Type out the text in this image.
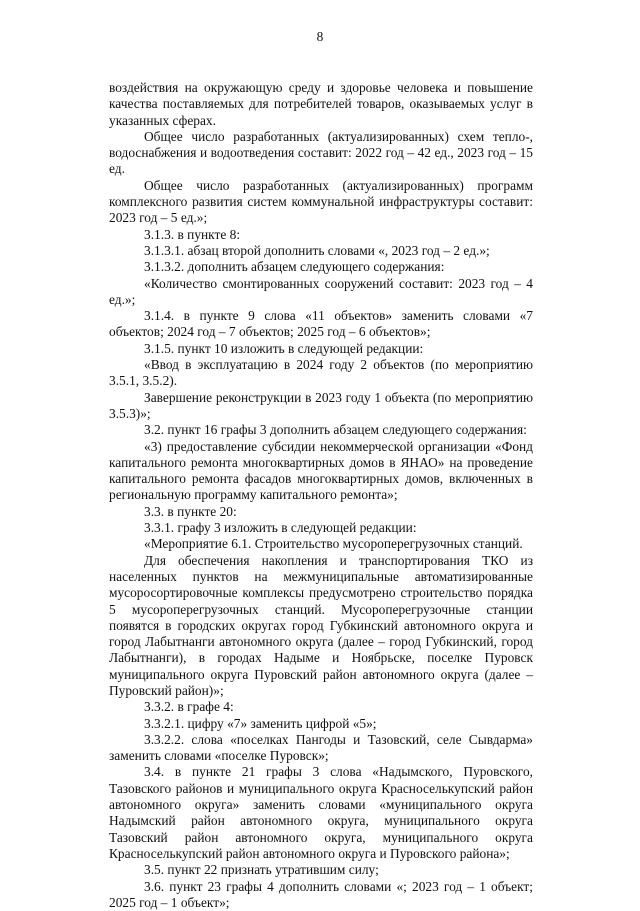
8

воздействия на окружающую среду и здоровье человека и повышение качества поставляемых для потребителей товаров, оказываемых услуг в указанных сферах.

Общее число разработанных (актуализированных) схем тепло-, водоснабжения и водоотведения составит: 2022 год – 42 ед., 2023 год – 15 ед.

Общее число разработанных (актуализированных) программ комплексного развития систем коммунальной инфраструктуры составит: 2023 год – 5 ед.»;

3.1.3. в пункте 8:

3.1.3.1. абзац второй дополнить словами «, 2023 год – 2 ед.»;

3.1.3.2. дополнить абзацем следующего содержания:

«Количество смонтированных сооружений составит: 2023 год – 4 ед.»;

3.1.4. в пункте 9 слова «11 объектов» заменить словами «7 объектов; 2024 год – 7 объектов; 2025 год – 6 объектов»;

3.1.5. пункт 10 изложить в следующей редакции:

«Ввод в эксплуатацию в 2024 году 2 объектов (по мероприятию 3.5.1, 3.5.2).

Завершение реконструкции в 2023 году 1 объекта (по мероприятию 3.5.3)»;

3.2. пункт 16 графы 3 дополнить абзацем следующего содержания:

«3) предоставление субсидии некоммерческой организации «Фонд капитального ремонта многоквартирных домов в ЯНАО» на проведение капитального ремонта фасадов многоквартирных домов, включенных в региональную программу капитального ремонта»;

3.3. в пункте 20:

3.3.1. графу 3 изложить в следующей редакции:

«Мероприятие 6.1. Строительство мусороперегрузочных станций.

Для обеспечения накопления и транспортирования ТКО из населенных пунктов на межмуниципальные автоматизированные мусоросортировочные комплексы предусмотрено строительство порядка 5 мусороперегрузочных станций. Мусороперегрузочные станции появятся в городских округах город Губкинский автономного округа и город Лабытнанги автономного округа (далее – город Губкинский, город Лабытнанги), в городах Надыме и Ноябрьске, поселке Пуровск муниципального округа Пуровский район автономного округа (далее – Пуровский район)»;

3.3.2. в графе 4:

3.3.2.1. цифру «7» заменить цифрой «5»;

3.3.2.2. слова «поселках Пангоды и Тазовский, селе Сывдарма» заменить словами «поселке Пуровск»;

3.4. в пункте 21 графы 3 слова «Надымского, Пуровского, Тазовского районов и муниципального округа Красноселькупский район автономного округа» заменить словами «муниципального округа Надымский район автономного округа, муниципального округа Тазовский район автономного округа, муниципального округа Красноселькупский район автономного округа и Пуровского района»;

3.5. пункт 22 признать утратившим силу;

3.6. пункт 23 графы 4 дополнить словами «; 2023 год – 1 объект; 2025 год – 1 объект»;
